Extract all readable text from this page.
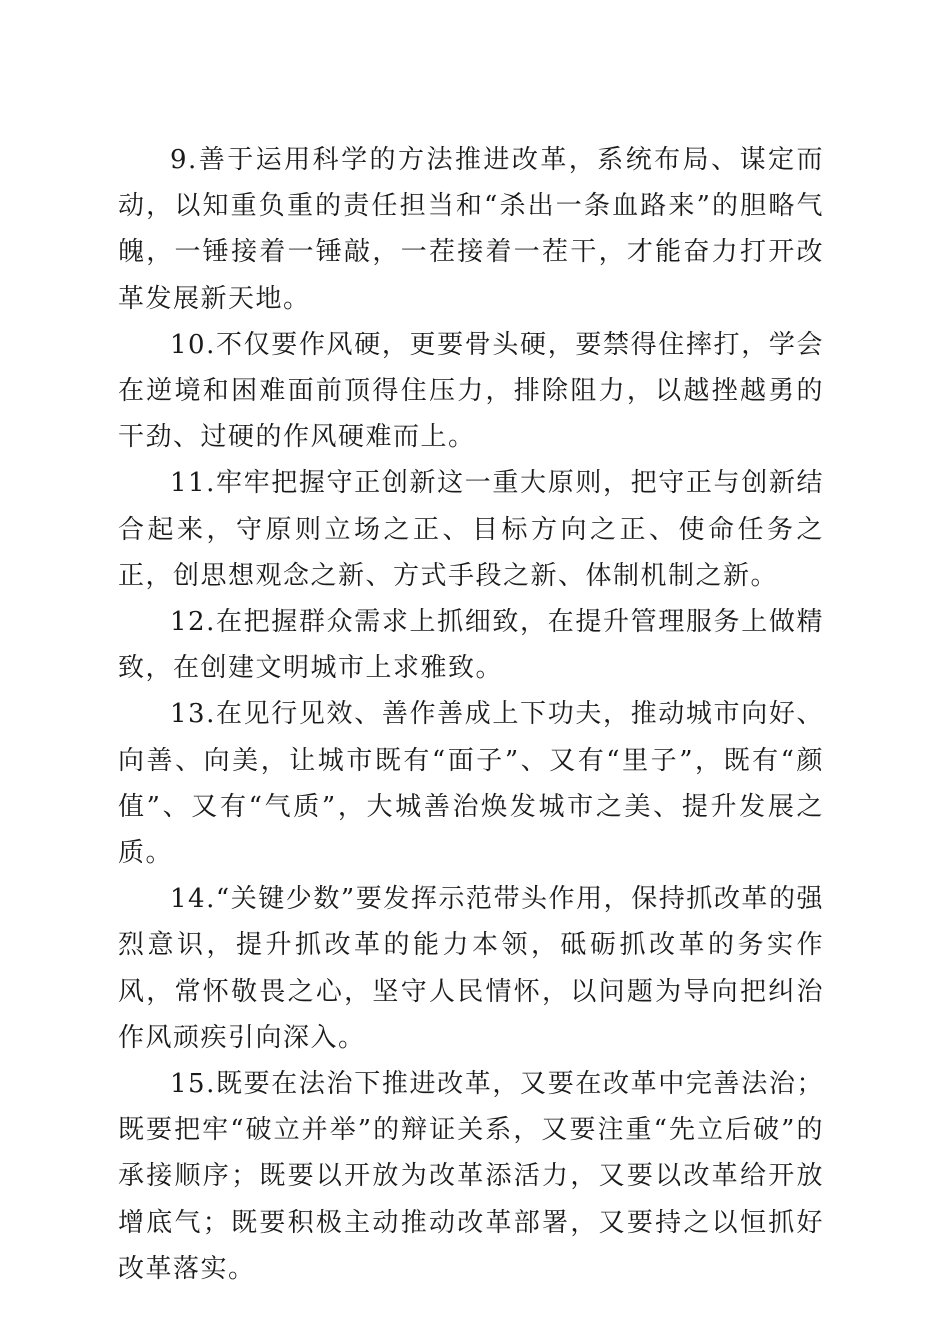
9.善于运用科学的方法推进改革，系统布局、谋定而动，以知重负重的责任担当和“杀出一条血路来”的胆略气魄，一锤接着一锤敲，一茬接着一茬干，才能奋力打开改革发展新天地。

10.不仅要作风硬，更要骨头硬，要禁得住摔打，学会在逆境和困难面前顶得住压力，排除阻力，以越挫越勇的干劲、过硬的作风硬难而上。

11.牢牢把握守正创新这一重大原则，把守正与创新结合起来，守原则立场之正、目标方向之正、使命任务之正，创思想观念之新、方式手段之新、体制机制之新。

12.在把握群众需求上抓细致，在提升管理服务上做精致，在创建文明城市上求雅致。

13.在见行见效、善作善成上下功夫，推动城市向好、向善、向美，让城市既有“面子”、又有“里子”，既有“颜值”、又有“气质”，大城善治焕发城市之美、提升发展之质。

14.“关键少数”要发挥示范带头作用，保持抓改革的强烈意识，提升抓改革的能力本领，砥砺抓改革的务实作风，常怀敬畏之心，坚守人民情怀，以问题为导向把纠治作风顽疾引向深入。

15.既要在法治下推进改革，又要在改革中完善法治；既要把牢“破立并举”的辩证关系，又要注重“先立后破”的承接顺序；既要以开放为改革添活力，又要以改革给开放增底气；既要积极主动推动改革部署，又要持之以恒抓好改革落实。
